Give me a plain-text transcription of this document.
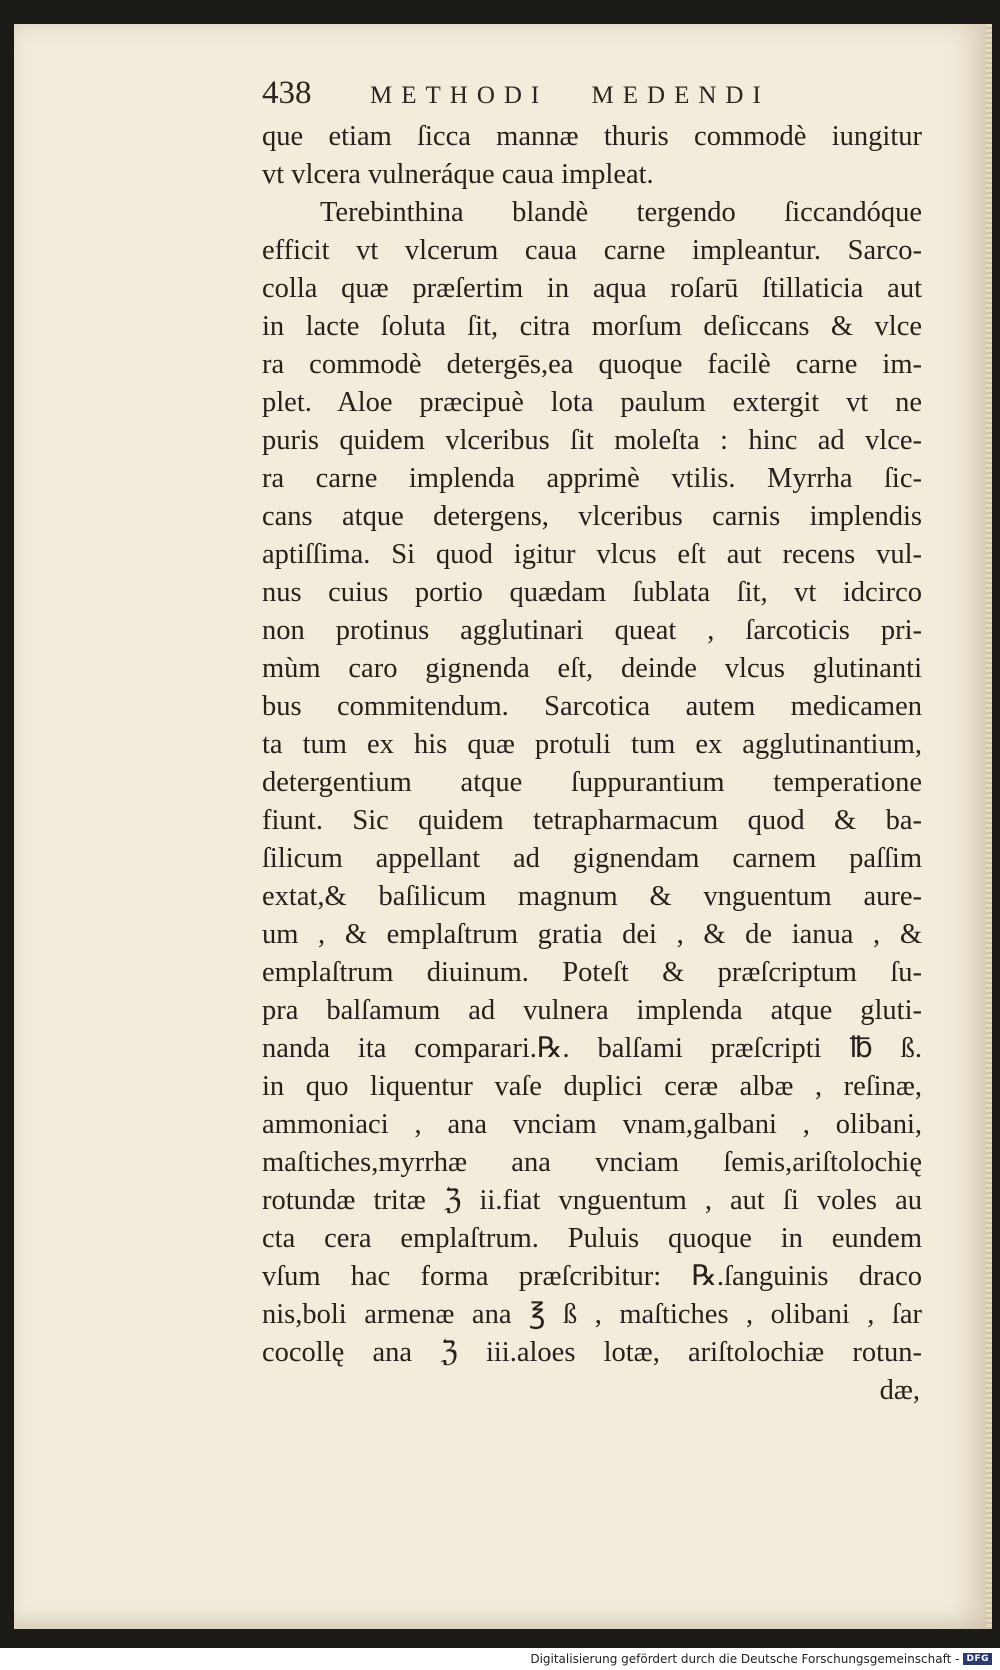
438	METHODI MEDENDI
que etiam ſicca mannæ thuris commodè iungitur
vt vlcera vulneráque caua impleat.
Terebinthina blandè tergendo ſiccandóque
efficit vt vlcerum caua carne impleantur. Sarco-
colla quæ præſertim in aqua roſarū ſtillaticia aut
in lacte ſoluta ſit, citra morſum deſiccans & vlce
ra commodè detergēs,ea quoque facilè carne im-
plet. Aloe præcipuè lota paulum extergit vt ne
puris quidem vlceribus ſit moleſta : hinc ad vlce-
ra carne implenda apprimè vtilis. Myrrha ſic-
cans atque detergens, vlceribus carnis implendis
aptiſſima. Si quod igitur vlcus eſt aut recens vul-
nus cuius portio quædam ſublata ſit, vt idcirco
non protinus agglutinari queat , ſarcoticis pri-
mùm caro gignenda eſt, deinde vlcus glutinanti
bus commitendum. Sarcotica autem medicamen
ta tum ex his quæ protuli tum ex agglutinantium,
detergentium atque ſuppurantium temperatione
fiunt. Sic quidem tetrapharmacum quod & ba-
ſilicum appellant ad gignendam carnem paſſim
extat,& baſilicum magnum & vnguentum aure-
um , & emplaſtrum gratia dei , & de ianua , &
emplaſtrum diuinum. Poteſt & præſcriptum ſu-
pra balſamum ad vulnera implenda atque gluti-
nanda ita comparari.℞. balſami præſcripti ℔ ß.
in quo liquentur vaſe duplici ceræ albæ , reſinæ,
ammoniaci , ana vnciam vnam,galbani , olibani,
maſtiches,myrrhæ ana vnciam ſemis,ariſtolochię
rotundæ tritæ ℨ ii.fiat vnguentum , aut ſi voles au
cta cera emplaſtrum. Puluis quoque in eundem
vſum hac forma præſcribitur: ℞.ſanguinis draco
nis,boli armenæ ana ℥ ß , maſtiches , olibani , ſar
cocollę ana ℨ iii.aloes lotæ, ariſtolochiæ rotun-
dæ,
Digitalisierung gefördert durch die Deutsche Forschungsgemeinschaft - DFG
